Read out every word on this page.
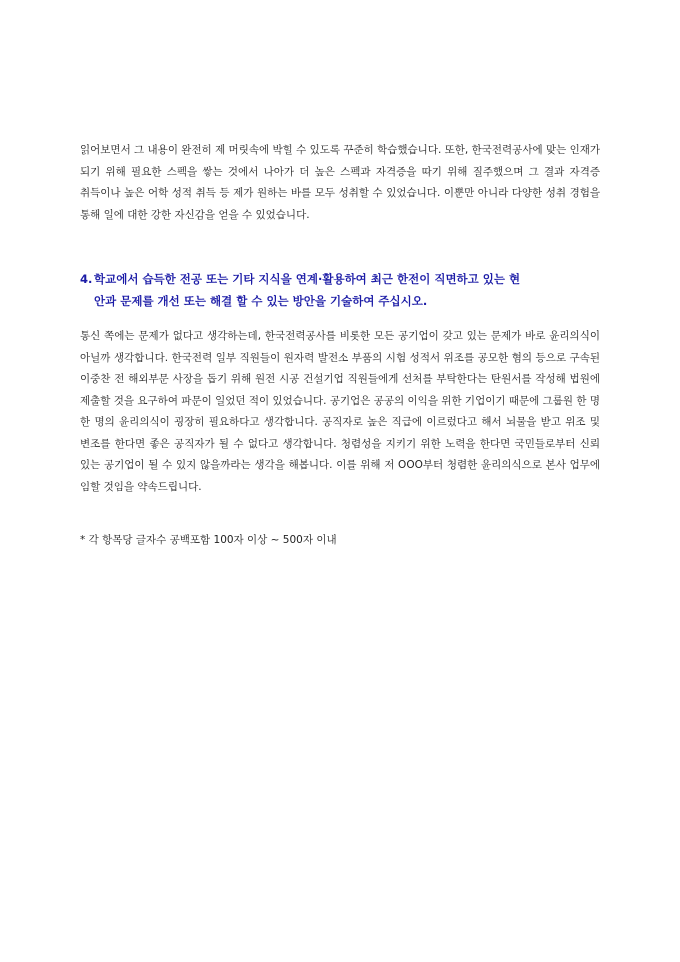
읽어보면서 그 내용이 완전히 제 머릿속에 박힐 수 있도록 꾸준히 학습했습니다. 또한, 한국전력공사에 맞는 인재가 되기 위해 필요한 스펙을 쌓는 것에서 나아가 더 높은 스펙과 자격증을 따기 위해 질주했으며 그 결과 자격증 취득이나 높은 어학 성적 취득 등 제가 원하는 바를 모두 성취할 수 있었습니다. 이뿐만 아니라 다양한 성취 경험을 통해 일에 대한 강한 자신감을 얻을 수 있었습니다.

4. 학교에서 습득한 전공 또는 기타 지식을 연계·활용하여 최근 한전이 직면하고 있는 현
안과 문제를 개선 또는 해결 할 수 있는 방안을 기술하여 주십시오.

통신 쪽에는 문제가 없다고 생각하는데, 한국전력공사를 비롯한 모든 공기업이 갖고 있는 문제가 바로 윤리의식이 아닐까 생각합니다. 한국전력 일부 직원들이 원자력 발전소 부품의 시험 성적서 위조를 공모한 혐의 등으로 구속된 이중찬 전 해외부문 사장을 돕기 위해 원전 시공 건설기업 직원들에게 선처를 부탁한다는 탄원서를 작성해 법원에 제출할 것을 요구하여 파문이 일었던 적이 있었습니다. 공기업은 공공의 이익을 위한 기업이기 때문에 그룹원 한 명 한 명의 윤리의식이 굉장히 필요하다고 생각합니다. 공직자로 높은 직급에 이르렀다고 해서 뇌물을 받고 위조 및 변조를 한다면 좋은 공직자가 될 수 없다고 생각합니다. 청렴성을 지키기 위한 노력을 한다면 국민들로부터 신뢰 있는 공기업이 될 수 있지 않을까라는 생각을 해봅니다. 이를 위해 저 OOO부터 청렴한 윤리의식으로 본사 업무에 임할 것임을 약속드립니다.

* 각 항목당 글자수 공백포함 100자 이상 ~ 500자 이내
